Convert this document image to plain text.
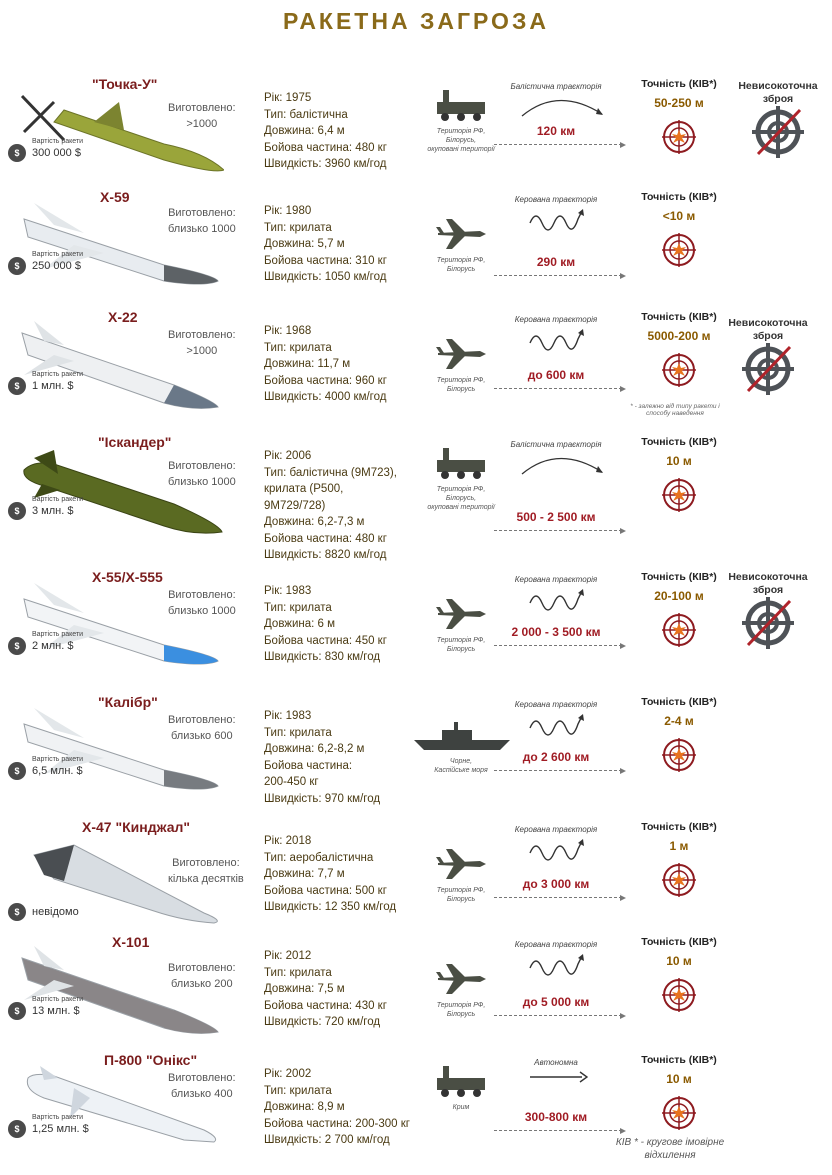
РАКЕТНА ЗАГРОЗА
"Точка-У"
Виготовлено:
>1000
$
Вартість ракети
300 000 $
Рік: 1975
Тип: балістична
Довжина: 6,4 м
Бойова частина: 480 кг
Швидкість: 3960 км/год
Територія РФ,
Білорусь,
окуповані території
Балістична траєкторія
120 км
Точність (КІВ*)
50-250 м
Невисокоточна
зброя
Х-59
Виготовлено:
близько 1000
$
Вартість ракети
250 000 $
Рік: 1980
Тип: крилата
Довжина: 5,7 м
Бойова частина: 310 кг
Швидкість: 1050 км/год
Територія РФ,
Білорусь
Керована траєкторія
290 км
Точність (КІВ*)
<10 м
Х-22
Виготовлено:
>1000
$
Вартість ракети
1 млн. $
Рік: 1968
Тип: крилата
Довжина: 11,7 м
Бойова частина: 960 кг
Швидкість: 4000 км/год
Територія РФ,
Білорусь
Керована траєкторія
до 600 км
Точність (КІВ*)
5000-200 м
Невисокоточна
зброя
* - залежно від типу ракети і способу наведення
"Іскандер"
Виготовлено:
близько 1000
$
Вартість ракети
3 млн. $
Рік: 2006
Тип: балістична (9М723),
крилата (Р500,
9М729/728)
Довжина: 6,2-7,3 м
Бойова частина: 480 кг
Швидкість: 8820 км/год
Територія РФ,
Білорусь,
окуповані території
Балістична траєкторія
500 - 2 500 км
Точність (КІВ*)
10 м
Х-55/Х-555
Виготовлено:
близько 1000
$
Вартість ракети
2 млн. $
Рік: 1983
Тип: крилата
Довжина: 6 м
Бойова частина: 450 кг
Швидкість: 830 км/год
Територія РФ,
Білорусь
Керована траєкторія
2 000 - 3 500 км
Точність (КІВ*)
20-100 м
Невисокоточна
зброя
"Калібр"
Виготовлено:
близько 600
$
Вартість ракети
6,5 млн. $
Рік: 1983
Тип: крилата
Довжина: 6,2-8,2 м
Бойова частина:
200-450 кг
Швидкість: 970 км/год
Чорне,
Каспійське моря
Керована траєкторія
до 2 600 км
Точність (КІВ*)
2-4 м
Х-47 "Кинджал"
Виготовлено:
кілька десятків
$	невідомо
Рік: 2018
Тип: аеробалістична
Довжина: 7,7 м
Бойова частина: 500 кг
Швидкість: 12 350 км/год
Територія РФ,
Білорусь
Керована траєкторія
до 3 000 км
Точність (КІВ*)
1 м
Х-101
Виготовлено:
близько 200
$
Вартість ракети
13 млн. $
Рік: 2012
Тип: крилата
Довжина: 7,5 м
Бойова частина: 430 кг
Швидкість: 720 км/год
Територія РФ,
Білорусь
Керована траєкторія
до 5 000 км
Точність (КІВ*)
10 м
П-800 "Онікс"
Виготовлено:
близько 400
$
Вартість ракети
1,25 млн. $
Рік: 2002
Тип: крилата
Довжина: 8,9 м
Бойова частина: 200-300 кг
Швидкість: 2 700 км/год
Крим
Автономна
300-800 км
Точність (КІВ*)
10 м
КІВ * - кругове імовірне
відхилення
